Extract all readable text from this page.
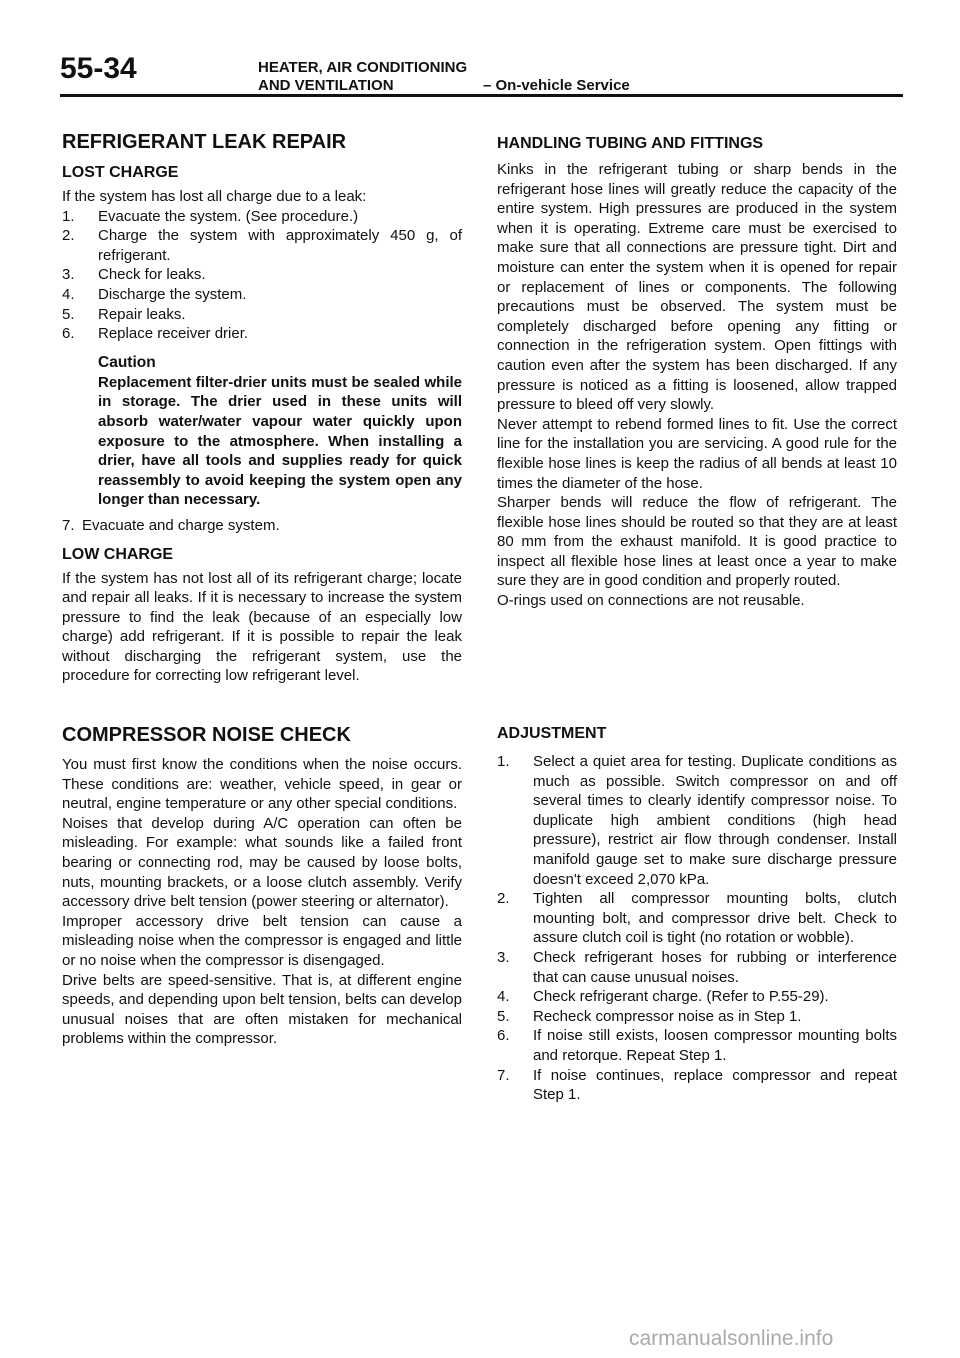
55-34	HEATER, AIR CONDITIONING
AND VENTILATION	– On-vehicle Service
REFRIGERANT LEAK REPAIR
LOST CHARGE

If the system has lost all charge due to a leak:

1. Evacuate the system. (See procedure.)
2. Charge the system with approximately 450 g, of refrigerant.
3. Check for leaks.
4. Discharge the system.
5. Repair leaks.
6. Replace receiver drier.
Caution
Replacement filter-drier units must be sealed while in storage. The drier used in these units will absorb water/water vapour water quickly upon exposure to the atmosphere. When installing a drier, have all tools and supplies ready for quick reassembly to avoid keeping the system open any longer than necessary.
7. Evacuate and charge system.
LOW CHARGE

If the system has not lost all of its refrigerant charge; locate and repair all leaks. If it is necessary to increase the system pressure to find the leak (because of an especially low charge) add refrigerant. If it is possible to repair the leak without discharging the refrigerant system, use the procedure for correcting low refrigerant level.

HANDLING TUBING AND FITTINGS

Kinks in the refrigerant tubing or sharp bends in the refrigerant hose lines will greatly reduce the capacity of the entire system. High pressures are produced in the system when it is operating. Extreme care must be exercised to make sure that all connections are pressure tight. Dirt and moisture can enter the system when it is opened for repair or replacement of lines or components. The following precautions must be observed. The system must be completely discharged before opening any fitting or connection in the refrigeration system. Open fittings with caution even after the system has been discharged. If any pressure is noticed as a fitting is loosened, allow trapped pressure to bleed off very slowly.

Never attempt to rebend formed lines to fit. Use the correct line for the installation you are servicing. A good rule for the flexible hose lines is keep the radius of all bends at least 10 times the diameter of the hose.

Sharper bends will reduce the flow of refrigerant. The flexible hose lines should be routed so that they are at least 80 mm from the exhaust manifold. It is good practice to inspect all flexible hose lines at least once a year to make sure they are in good condition and properly routed.

O-rings used on connections are not reusable.

COMPRESSOR NOISE CHECK

You must first know the conditions when the noise occurs. These conditions are: weather, vehicle speed, in gear or neutral, engine temperature or any other special conditions.

Noises that develop during A/C operation can often be misleading. For example: what sounds like a failed front bearing or connecting rod, may be caused by loose bolts, nuts, mounting brackets, or a loose clutch assembly. Verify accessory drive belt tension (power steering or alternator).

Improper accessory drive belt tension can cause a misleading noise when the compressor is engaged and little or no noise when the compressor is disengaged.

Drive belts are speed-sensitive. That is, at different engine speeds, and depending upon belt tension, belts can develop unusual noises that are often mistaken for mechanical problems within the compressor.

ADJUSTMENT
1. Select a quiet area for testing. Duplicate conditions as much as possible. Switch compressor on and off several times to clearly identify compressor noise. To duplicate high ambient conditions (high head pressure), restrict air flow through condenser. Install manifold gauge set to make sure discharge pressure doesn't exceed 2,070 kPa.
2. Tighten all compressor mounting bolts, clutch mounting bolt, and compressor drive belt. Check to assure clutch coil is tight (no rotation or wobble).
3. Check refrigerant hoses for rubbing or interference that can cause unusual noises.
4. Check refrigerant charge. (Refer to P.55-29).
5. Recheck compressor noise as in Step 1.
6. If noise still exists, loosen compressor mounting bolts and retorque. Repeat Step 1.
7. If noise continues, replace compressor and repeat Step 1.
carmanualsonline.info
